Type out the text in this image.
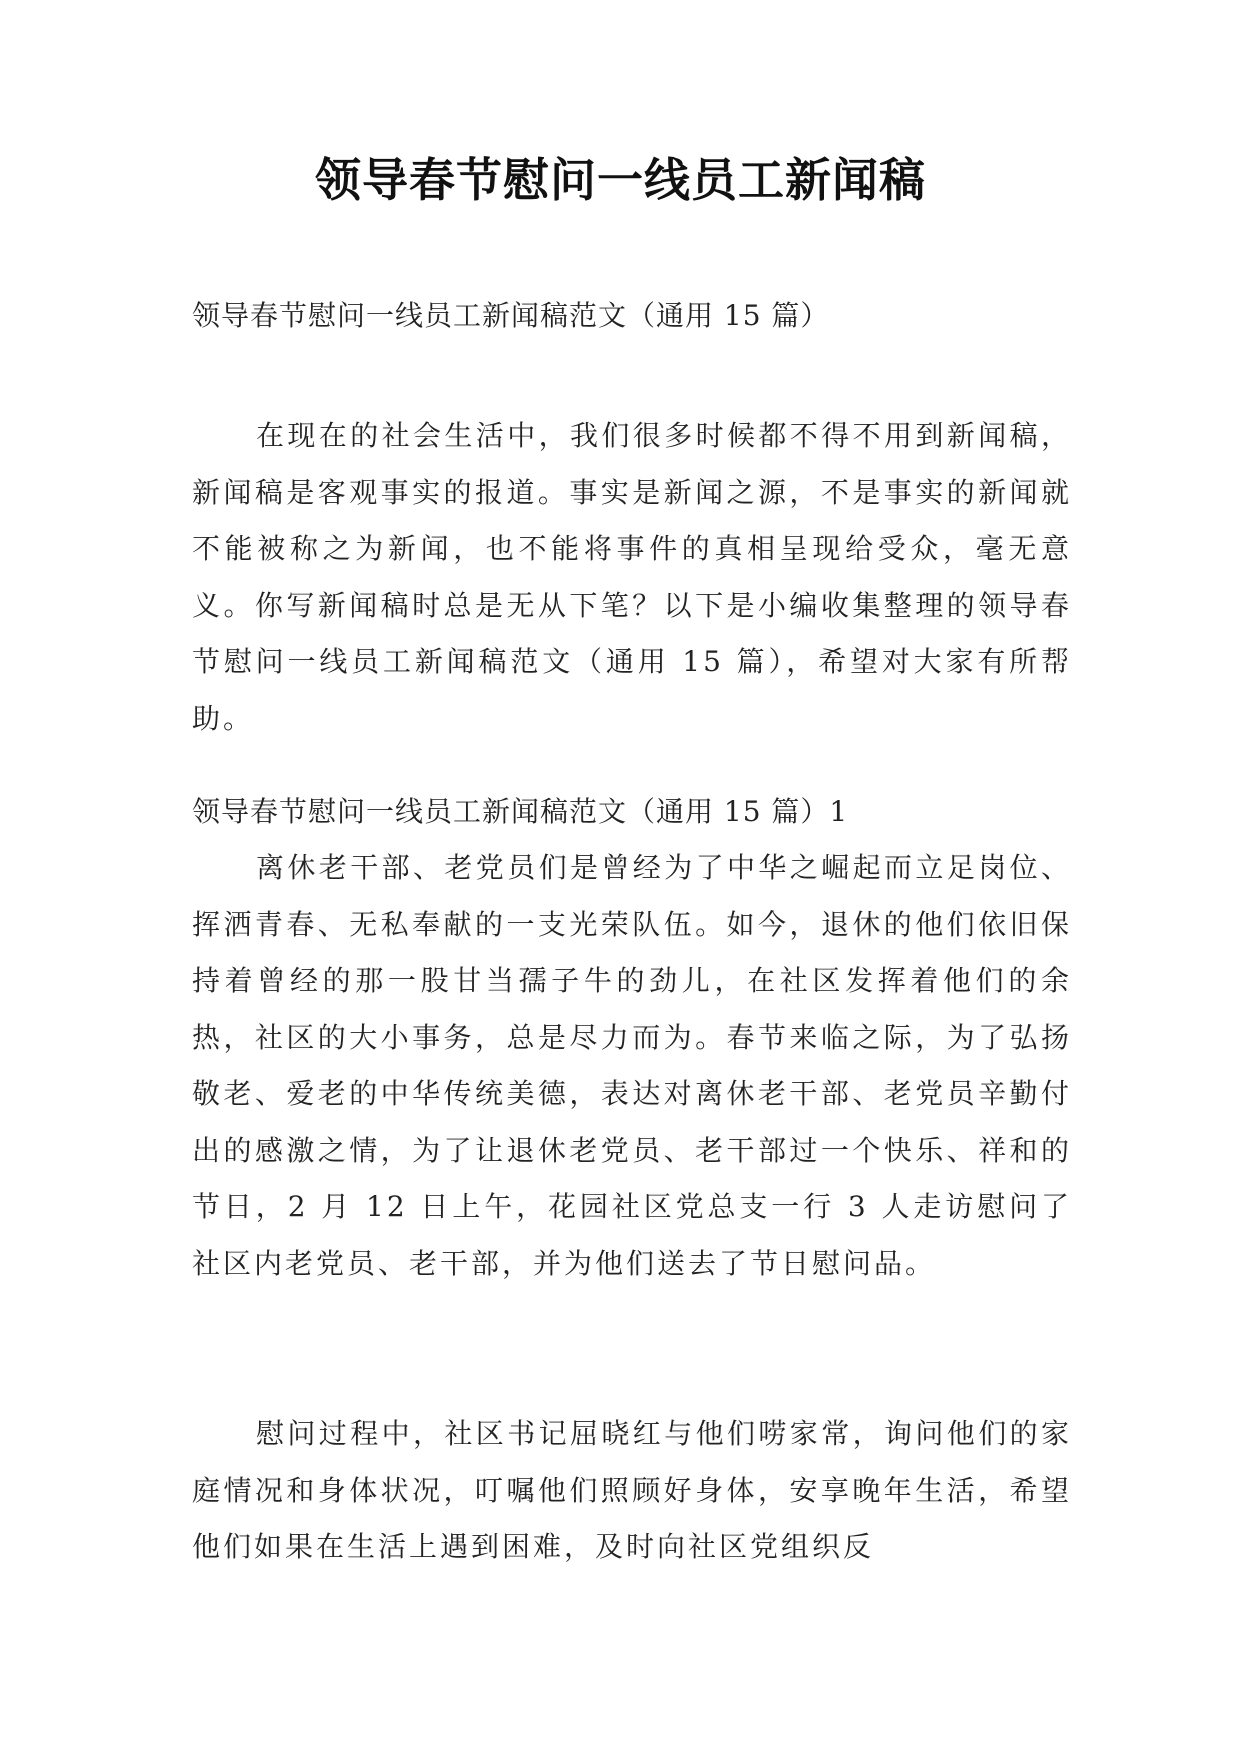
领导春节慰问一线员工新闻稿

领导春节慰问一线员工新闻稿范文（通用 15 篇）

在现在的社会生活中，我们很多时候都不得不用到新闻稿，新闻稿是客观事实的报道。事实是新闻之源，不是事实的新闻就不能被称之为新闻，也不能将事件的真相呈现给受众，毫无意义。你写新闻稿时总是无从下笔？以下是小编收集整理的领导春节慰问一线员工新闻稿范文（通用 15 篇），希望对大家有所帮助。

领导春节慰问一线员工新闻稿范文（通用 15 篇）1

离休老干部、老党员们是曾经为了中华之崛起而立足岗位、挥洒青春、无私奉献的一支光荣队伍。如今，退休的他们依旧保持着曾经的那一股甘当孺子牛的劲儿，在社区发挥着他们的余热，社区的大小事务，总是尽力而为。春节来临之际，为了弘扬敬老、爱老的中华传统美德，表达对离休老干部、老党员辛勤付出的感激之情，为了让退休老党员、老干部过一个快乐、祥和的节日，2 月 12 日上午，花园社区党总支一行 3 人走访慰问了社区内老党员、老干部，并为他们送去了节日慰问品。

慰问过程中，社区书记屈晓红与他们唠家常，询问他们的家庭情况和身体状况，叮嘱他们照顾好身体，安享晚年生活，希望他们如果在生活上遇到困难，及时向社区党组织反
